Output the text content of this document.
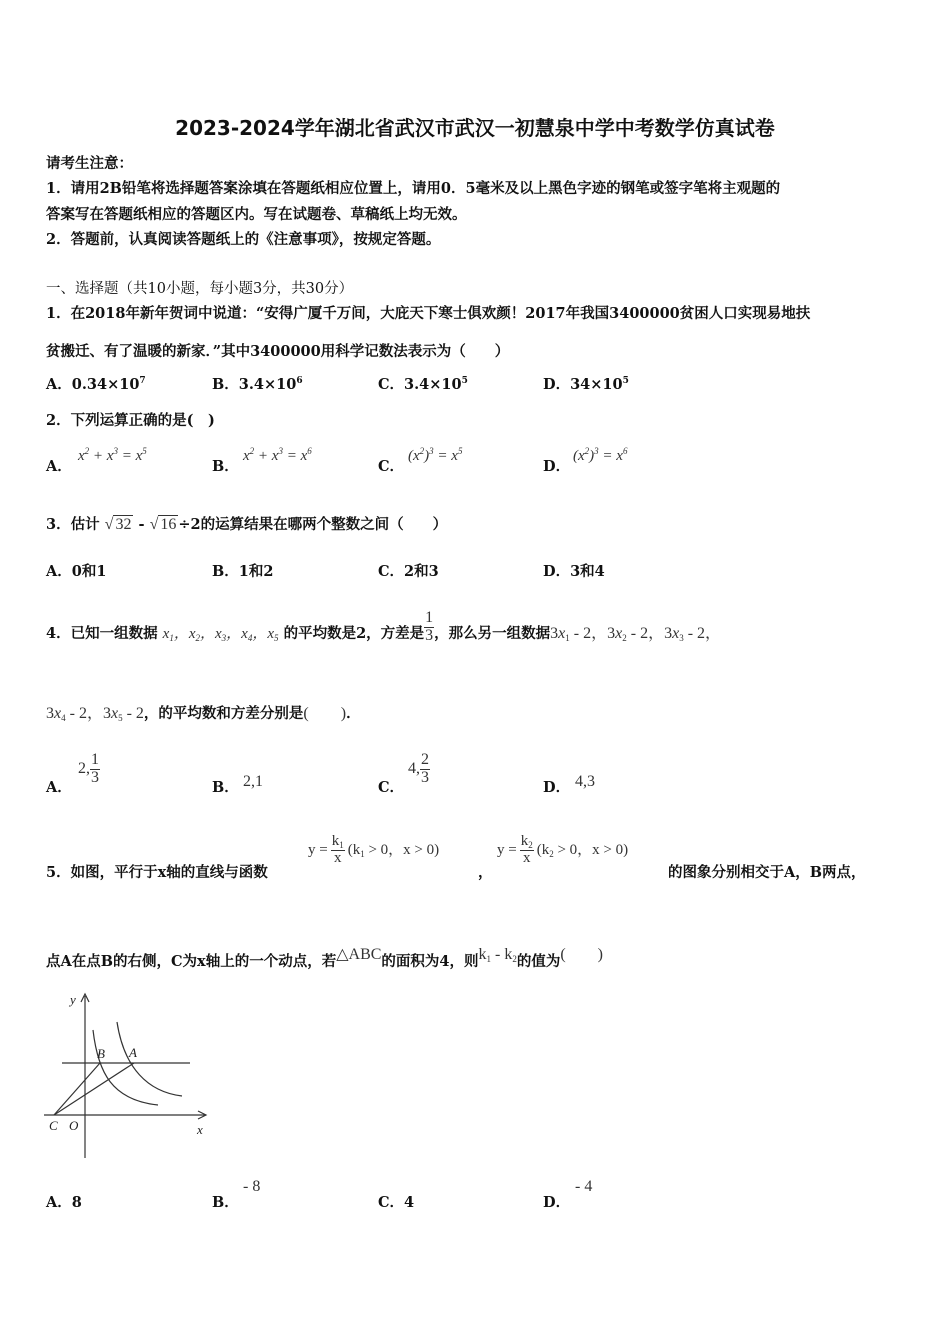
2023-2024学年湖北省武汉市武汉一初慧泉中学中考数学仿真试卷
请考生注意：
1．请用2B铅笔将选择题答案涂填在答题纸相应位置上，请用0．5毫米及以上黑色字迹的钢笔或签字笔将主观题的
答案写在答题纸相应的答题区内。写在试题卷、草稿纸上均无效。
2．答题前，认真阅读答题纸上的《注意事项》，按规定答题。
一、选择题（共10小题，每小题3分，共30分）
1．在2018年新年贺词中说道：“安得广厦千万间，大庇天下寒士俱欢颜！2017年我国3400000贫困人口实现易地扶
贫搬迁、有了温暖的新家．”其中3400000用科学记数法表示为（　　）
A．$0.34\times 10^7$	B．$3.4\times 10^6$	C．$3.4\times 10^5$	D．$34\times 10^5$
2．下列运算正确的是(　)
A．
$x^2 + x^3 = x^5$
B．
$x^2 + x^3 = x^6$
C．
$(x^2)^3 = x^5$
D．
$(x^2)^3 = x^6$
3．估计 √ 32 - √ 16 ÷2的运算结果在哪两个整数之间（　　）
A．0和1	B．1和2	C．2和3	D．3和4
4．已知一组数据 $x_1$，$x_2$，$x_3$，$x_4$，$x_5$ 的平均数是2，方差是 $\frac{1}{3}$ ，那么另一组数据$3x_1 - 2$，$3x_2 - 2$，$3x_3 - 2$，
$3x_4 - 2$，$3x_5 - 2$，的平均数和方差分别是(　　)．
A．
2, $\frac{1}{3}$
B． 2,1	C．
4, $\frac{2}{3}$
D． 4,3
5．如图，平行于x轴的直线与函数
$y = \frac{k_1}{x} (k_1 > 0$，x > 0)
，
$y = \frac{k_2}{x} (k_2 > 0$，x > 0)
的图象分别相交于A，B两点，
点A在点B的右侧，C为x轴上的一个动点，若△ABC的面积为4，则$k_1 - k_2$的值为(　　)
y
x
B A
C O
A．8	B．
- 8
C．4	D．
- 4
